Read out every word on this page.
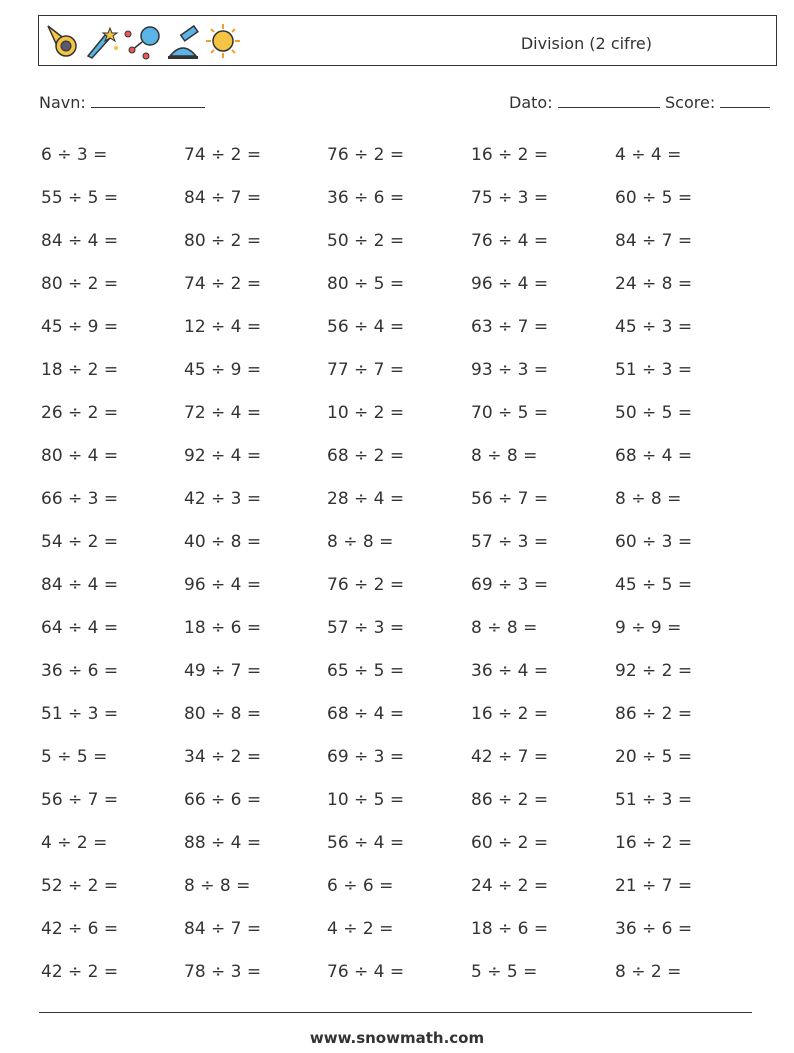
Division (2 cifre)
Navn:	Dato:	Score:
6 ÷ 3 =	74 ÷ 2 =	76 ÷ 2 =	16 ÷ 2 =	4 ÷ 4 =
55 ÷ 5 =	84 ÷ 7 =	36 ÷ 6 =	75 ÷ 3 =	60 ÷ 5 =
84 ÷ 4 =	80 ÷ 2 =	50 ÷ 2 =	76 ÷ 4 =	84 ÷ 7 =
80 ÷ 2 =	74 ÷ 2 =	80 ÷ 5 =	96 ÷ 4 =	24 ÷ 8 =
45 ÷ 9 =	12 ÷ 4 =	56 ÷ 4 =	63 ÷ 7 =	45 ÷ 3 =
18 ÷ 2 =	45 ÷ 9 =	77 ÷ 7 =	93 ÷ 3 =	51 ÷ 3 =
26 ÷ 2 =	72 ÷ 4 =	10 ÷ 2 =	70 ÷ 5 =	50 ÷ 5 =
80 ÷ 4 =	92 ÷ 4 =	68 ÷ 2 =	8 ÷ 8 =	68 ÷ 4 =
66 ÷ 3 =	42 ÷ 3 =	28 ÷ 4 =	56 ÷ 7 =	8 ÷ 8 =
54 ÷ 2 =	40 ÷ 8 =	8 ÷ 8 =	57 ÷ 3 =	60 ÷ 3 =
84 ÷ 4 =	96 ÷ 4 =	76 ÷ 2 =	69 ÷ 3 =	45 ÷ 5 =
64 ÷ 4 =	18 ÷ 6 =	57 ÷ 3 =	8 ÷ 8 =	9 ÷ 9 =
36 ÷ 6 =	49 ÷ 7 =	65 ÷ 5 =	36 ÷ 4 =	92 ÷ 2 =
51 ÷ 3 =	80 ÷ 8 =	68 ÷ 4 =	16 ÷ 2 =	86 ÷ 2 =
5 ÷ 5 =	34 ÷ 2 =	69 ÷ 3 =	42 ÷ 7 =	20 ÷ 5 =
56 ÷ 7 =	66 ÷ 6 =	10 ÷ 5 =	86 ÷ 2 =	51 ÷ 3 =
4 ÷ 2 =	88 ÷ 4 =	56 ÷ 4 =	60 ÷ 2 =	16 ÷ 2 =
52 ÷ 2 =	8 ÷ 8 =	6 ÷ 6 =	24 ÷ 2 =	21 ÷ 7 =
42 ÷ 6 =	84 ÷ 7 =	4 ÷ 2 =	18 ÷ 6 =	36 ÷ 6 =
42 ÷ 2 =	78 ÷ 3 =	76 ÷ 4 =	5 ÷ 5 =	8 ÷ 2 =
www.snowmath.com
